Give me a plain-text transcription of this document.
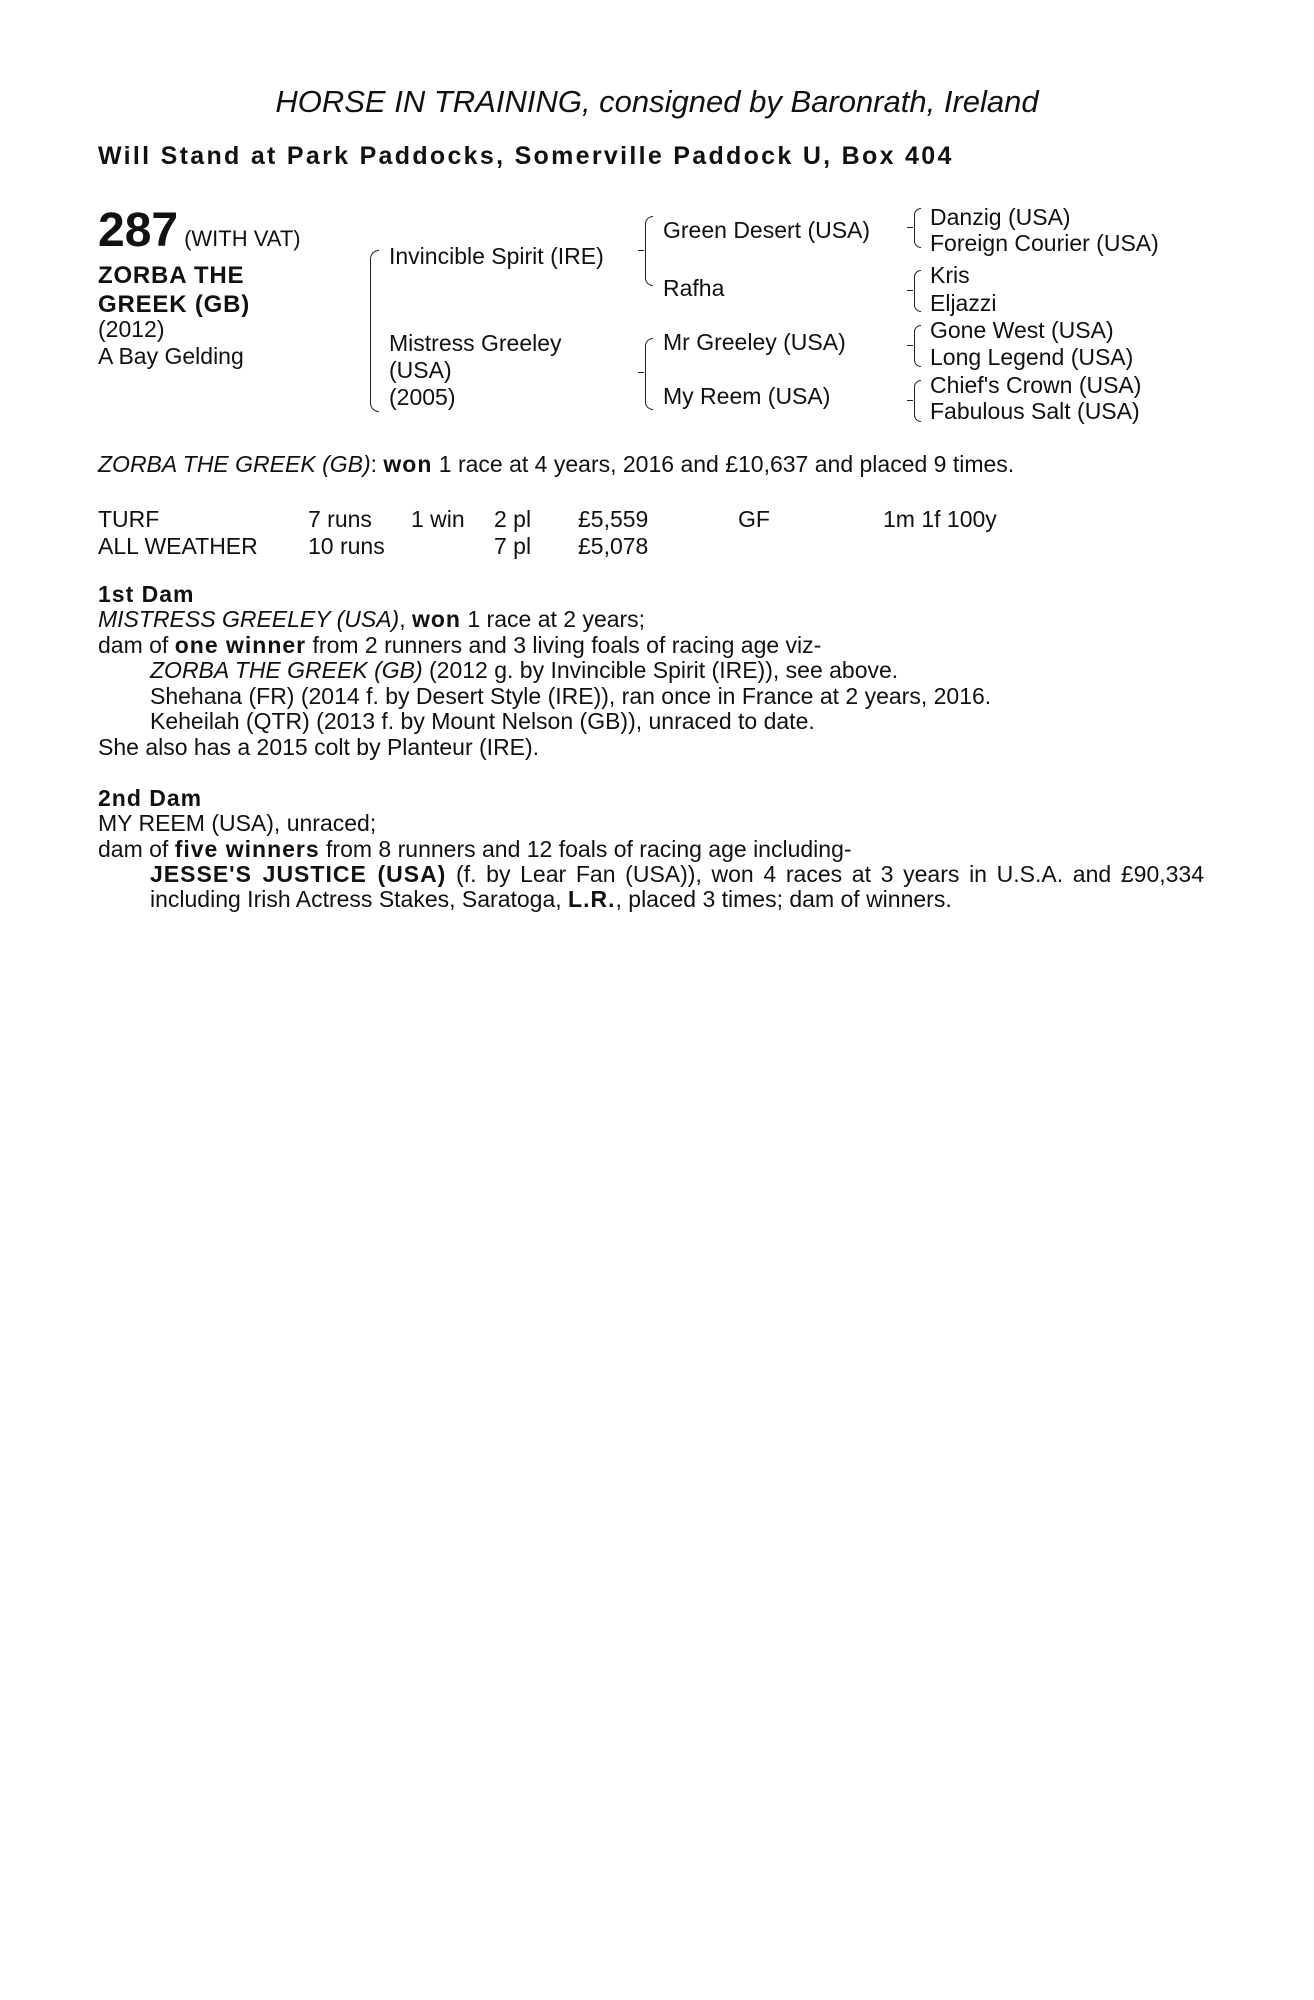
HORSE IN TRAINING, consigned by Baronrath, Ireland
Will Stand at Park Paddocks, Somerville Paddock U, Box 404
287 (WITH VAT)
ZORBA THE
GREEK (GB)
(2012)
A Bay Gelding
Invincible Spirit (IRE)
Mistress Greeley
(USA)
(2005)
Green Desert (USA)
Rafha
Mr Greeley (USA)
My Reem (USA)
Danzig (USA)
Foreign Courier (USA)
Kris
Eljazzi
Gone West (USA)
Long Legend (USA)
Chief's Crown (USA)
Fabulous Salt (USA)
ZORBA THE GREEK (GB): won 1 race at 4 years, 2016 and £10,637 and placed 9 times.
TURF	7 runs	1 win	2 pl	£5,559	GF	1m 1f 100y
ALL WEATHER	10 runs		7 pl	£5,078		
1st Dam
MISTRESS GREELEY (USA), won 1 race at 2 years;
dam of one winner from 2 runners and 3 living foals of racing age viz-
ZORBA THE GREEK (GB) (2012 g. by Invincible Spirit (IRE)), see above.
Shehana (FR) (2014 f. by Desert Style (IRE)), ran once in France at 2 years, 2016.
Keheilah (QTR) (2013 f. by Mount Nelson (GB)), unraced to date.
She also has a 2015 colt by Planteur (IRE).
2nd Dam
MY REEM (USA), unraced;
dam of five winners from 8 runners and 12 foals of racing age including-
JESSE'S JUSTICE (USA) (f. by Lear Fan (USA)), won 4 races at 3 years in U.S.A. and £90,334 including Irish Actress Stakes, Saratoga, L.R., placed 3 times; dam of winners.
